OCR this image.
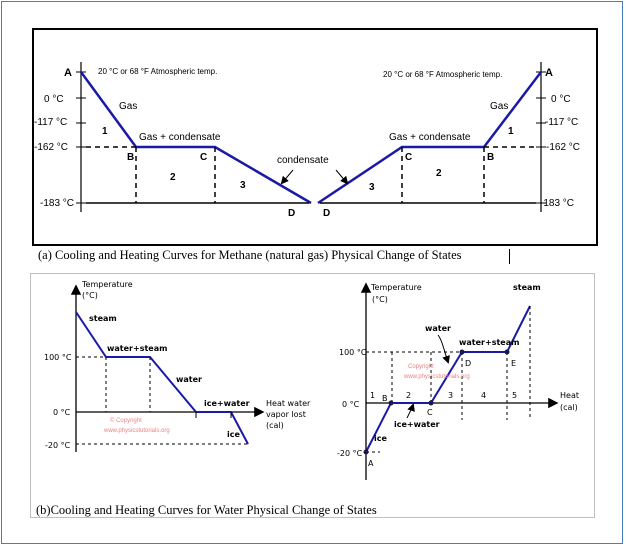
(a) Cooling and Heating Curves for Methane (natural gas) Physical Change of States
(b)Cooling and Heating Curves for Water Physical Change of States
A	A
20 °C or 68 °F Atmospheric temp.	20 °C or 68 °F Atmospheric temp.
0 °C
-117 °C
-162 °C
-183 °C
0 °C
-117 °C
-162 °C
-183 °C
Gas	Gas
Gas + condensate	Gas + condensate
condensate
1
2
3
1
2
3
B	C
D
B
C
D
Temperature
(°C)
100 °C
0 °C
-20 °C
steam
water+steam
water
ice+water
ice
Heat water
vapor lost
(cal)
© Copyright
www.physicstutorials.org
Temperature
(°C)
100 °C
0 °C
-20 °C
steam
water
water+steam
ice+water
ice
A
B
C
D	E
1	2	3	4	5	Heat
(cal)
Copyright
www.physicstutorials.org
